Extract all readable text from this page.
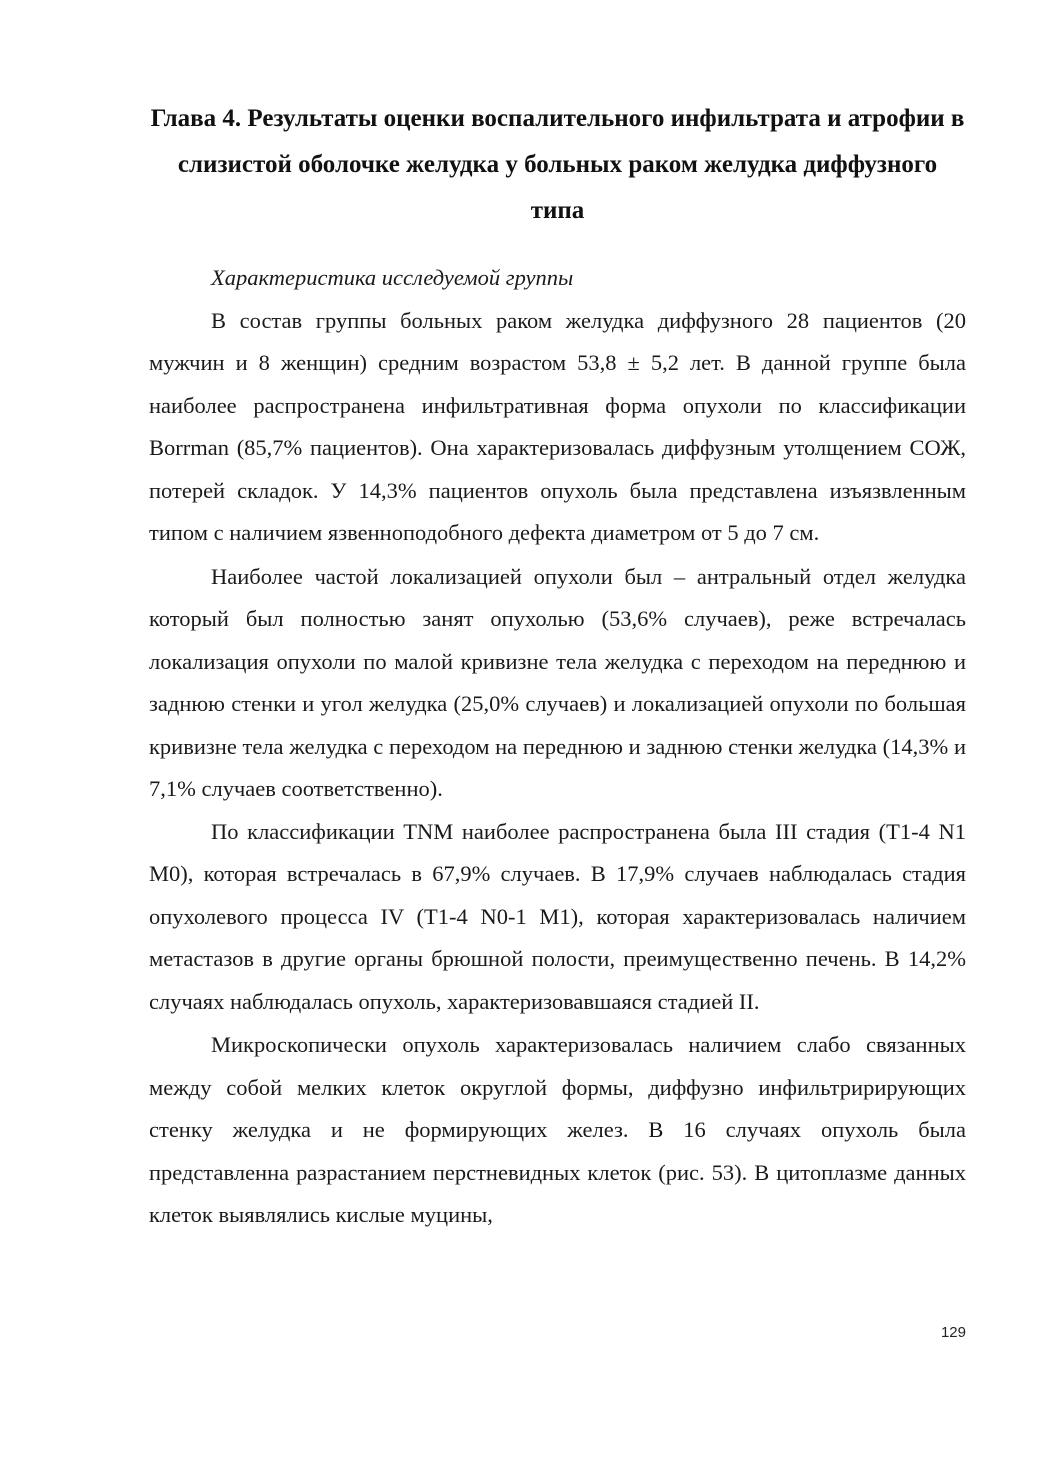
Глава 4. Результаты оценки воспалительного инфильтрата и атрофии в слизистой оболочке желудка у больных раком желудка диффузного типа

Характеристика исследуемой группы

В состав группы больных раком желудка диффузного 28 пациентов (20 мужчин и 8 женщин) средним возрастом 53,8 ± 5,2 лет. В данной группе была наиболее распространена инфильтративная форма опухоли по классификации Borrman (85,7% пациентов). Она характеризовалась диффузным утолщением СОЖ, потерей складок. У 14,3% пациентов опухоль была представлена изъязвленным типом с наличием язвенноподобного дефекта диаметром от 5 до 7 см.

Наиболее частой локализацией опухоли был – антральный отдел желудка который был полностью занят опухолью (53,6% случаев), реже встречалась локализация опухоли по малой кривизне тела желудка с переходом на переднюю и заднюю стенки и угол желудка (25,0% случаев) и локализацией опухоли по большая кривизне тела желудка с переходом на переднюю и заднюю стенки желудка (14,3% и 7,1% случаев соответственно).

По классификации TNM наиболее распространена была III стадия (T1-4 N1 M0), которая встречалась в 67,9% случаев. В 17,9% случаев наблюдалась стадия опухолевого процесса IV (T1-4 N0-1 M1), которая характеризовалась наличием метастазов в другие органы брюшной полости, преимущественно печень. В 14,2% случаях наблюдалась опухоль, характеризовавшаяся стадией II.

Микроскопически опухоль характеризовалась наличием слабо связанных между собой мелких клеток округлой формы, диффузно инфильтририрующих стенку желудка и не формирующих желез. В 16 случаях опухоль была представленна разрастанием перстневидных клеток (рис. 53). В цитоплазме данных клеток выявлялись кислые муцины,

129
